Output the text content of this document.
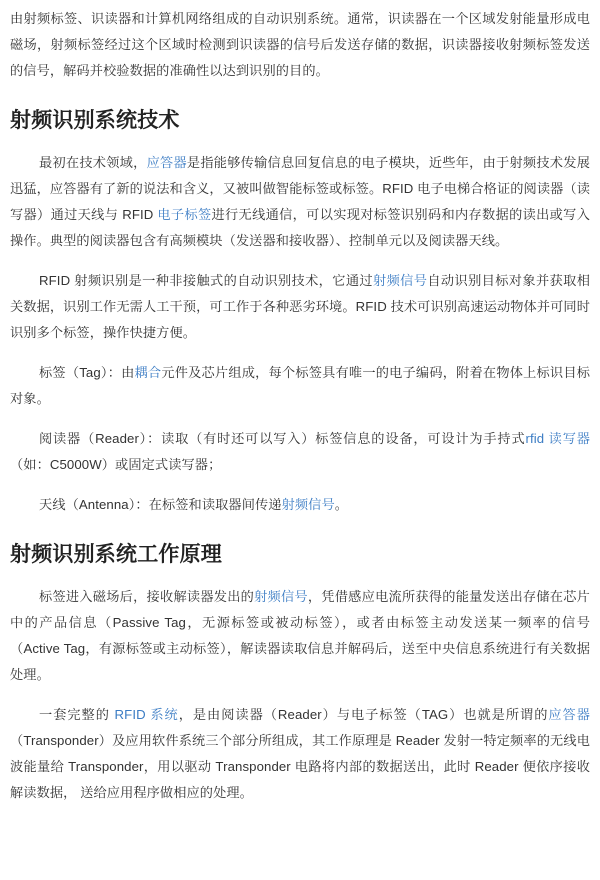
由射频标签、识读器和计算机网络组成的自动识别系统。通常，识读器在一个区域发射能量形成电磁场，射频标签经过这个区域时检测到识读器的信号后发送存储的数据，识读器接收射频标签发送的信号，解码并校验数据的准确性以达到识别的目的。

射频识别系统技术

最初在技术领域，应答器是指能够传输信息回复信息的电子模块，近些年，由于射频技术发展迅猛，应答器有了新的说法和含义，又被叫做智能标签或标签。RFID 电子电梯合格证的阅读器（读写器）通过天线与 RFID 电子标签进行无线通信，可以实现对标签识别码和内存数据的读出或写入操作。典型的阅读器包含有高频模块（发送器和接收器）、控制单元以及阅读器天线。

RFID 射频识别是一种非接触式的自动识别技术，它通过射频信号自动识别目标对象并获取相关数据，识别工作无需人工干预，可工作于各种恶劣环境。RFID 技术可识别高速运动物体并可同时识别多个标签，操作快捷方便。

标签（Tag）：由耦合元件及芯片组成，每个标签具有唯一的电子编码，附着在物体上标识目标对象。

阅读器（Reader）：读取（有时还可以写入）标签信息的设备，可设计为手持式rfid 读写器（如：C5000W）或固定式读写器；

天线（Antenna）：在标签和读取器间传递射频信号。

射频识别系统工作原理

标签进入磁场后，接收解读器发出的射频信号，凭借感应电流所获得的能量发送出存储在芯片中的产品信息（Passive Tag，无源标签或被动标签），或者由标签主动发送某一频率的信号（Active Tag，有源标签或主动标签），解读器读取信息并解码后，送至中央信息系统进行有关数据处理。

一套完整的 RFID 系统，是由阅读器（Reader）与电子标签（TAG）也就是所谓的应答器（Transponder）及应用软件系统三个部分所组成，其工作原理是 Reader 发射一特定频率的无线电波能量给 Transponder，用以驱动 Transponder 电路将内部的数据送出，此时 Reader 便依序接收解读数据， 送给应用程序做相应的处理。
